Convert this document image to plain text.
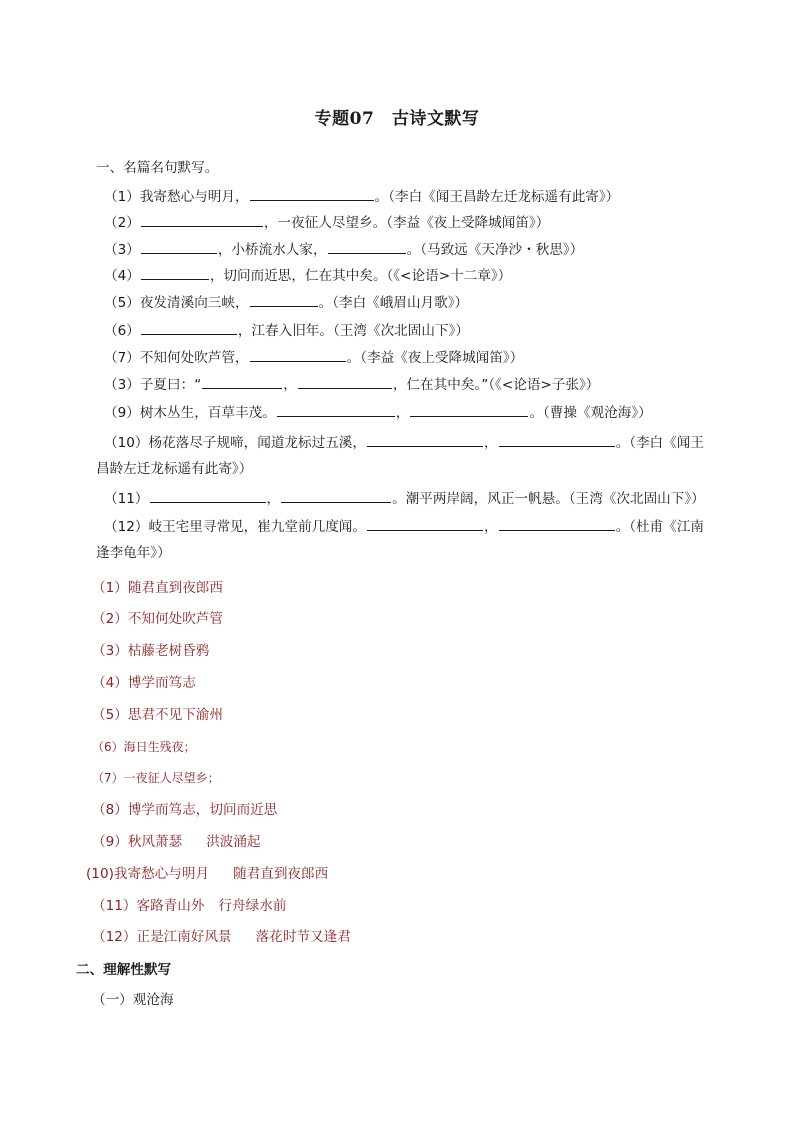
专题07　古诗文默写
一、名篇名句默写。
（1）我寄愁心与明月，	。（李白《闻王昌龄左迁龙标遥有此寄》）
（2）	，一夜征人尽望乡。（李益《夜上受降城闻笛》）
（3）	，小桥流水人家，	。（马致远《天净沙・秋思》）
（4）	，切问而近思，仁在其中矣。（《<论语>十二章》）
（5）夜发清溪向三峡，	。（李白《峨眉山月歌》）
（6）	，江春入旧年。（王湾《次北固山下》）
（7）不知何处吹芦管，	。（李益《夜上受降城闻笛》）
（3）子夏曰：“	，	，仁在其中矣。”（《<论语>子张》）
（9）树木丛生，百草丰茂。	，	。（曹操《观沧海》）
（10）杨花落尽子规啼，闻道龙标过五溪，	，	。（李白《闻王
昌龄左迁龙标遥有此寄》）
（11）	，	。潮平两岸阔，风正一帆悬。（王湾《次北固山下》）
（12）岐王宅里寻常见，崔九堂前几度闻。	，	。（杜甫《江南
逢李龟年》）
（1）随君直到夜郎西
（2）不知何处吹芦管
（3）枯藤老树昏鸦
（4）博学而笃志
（5）思君不见下渝州
（6）海日生残夜；
（7）一夜征人尽望乡；
（8）博学而笃志，切问而近思
（9）秋风萧瑟 洪波涌起
(10)我寄愁心与明月 随君直到夜郎西
（11）客路青山外 行舟绿水前
（12）正是江南好风景 落花时节又逢君
二、理解性默写
（一）观沧海
